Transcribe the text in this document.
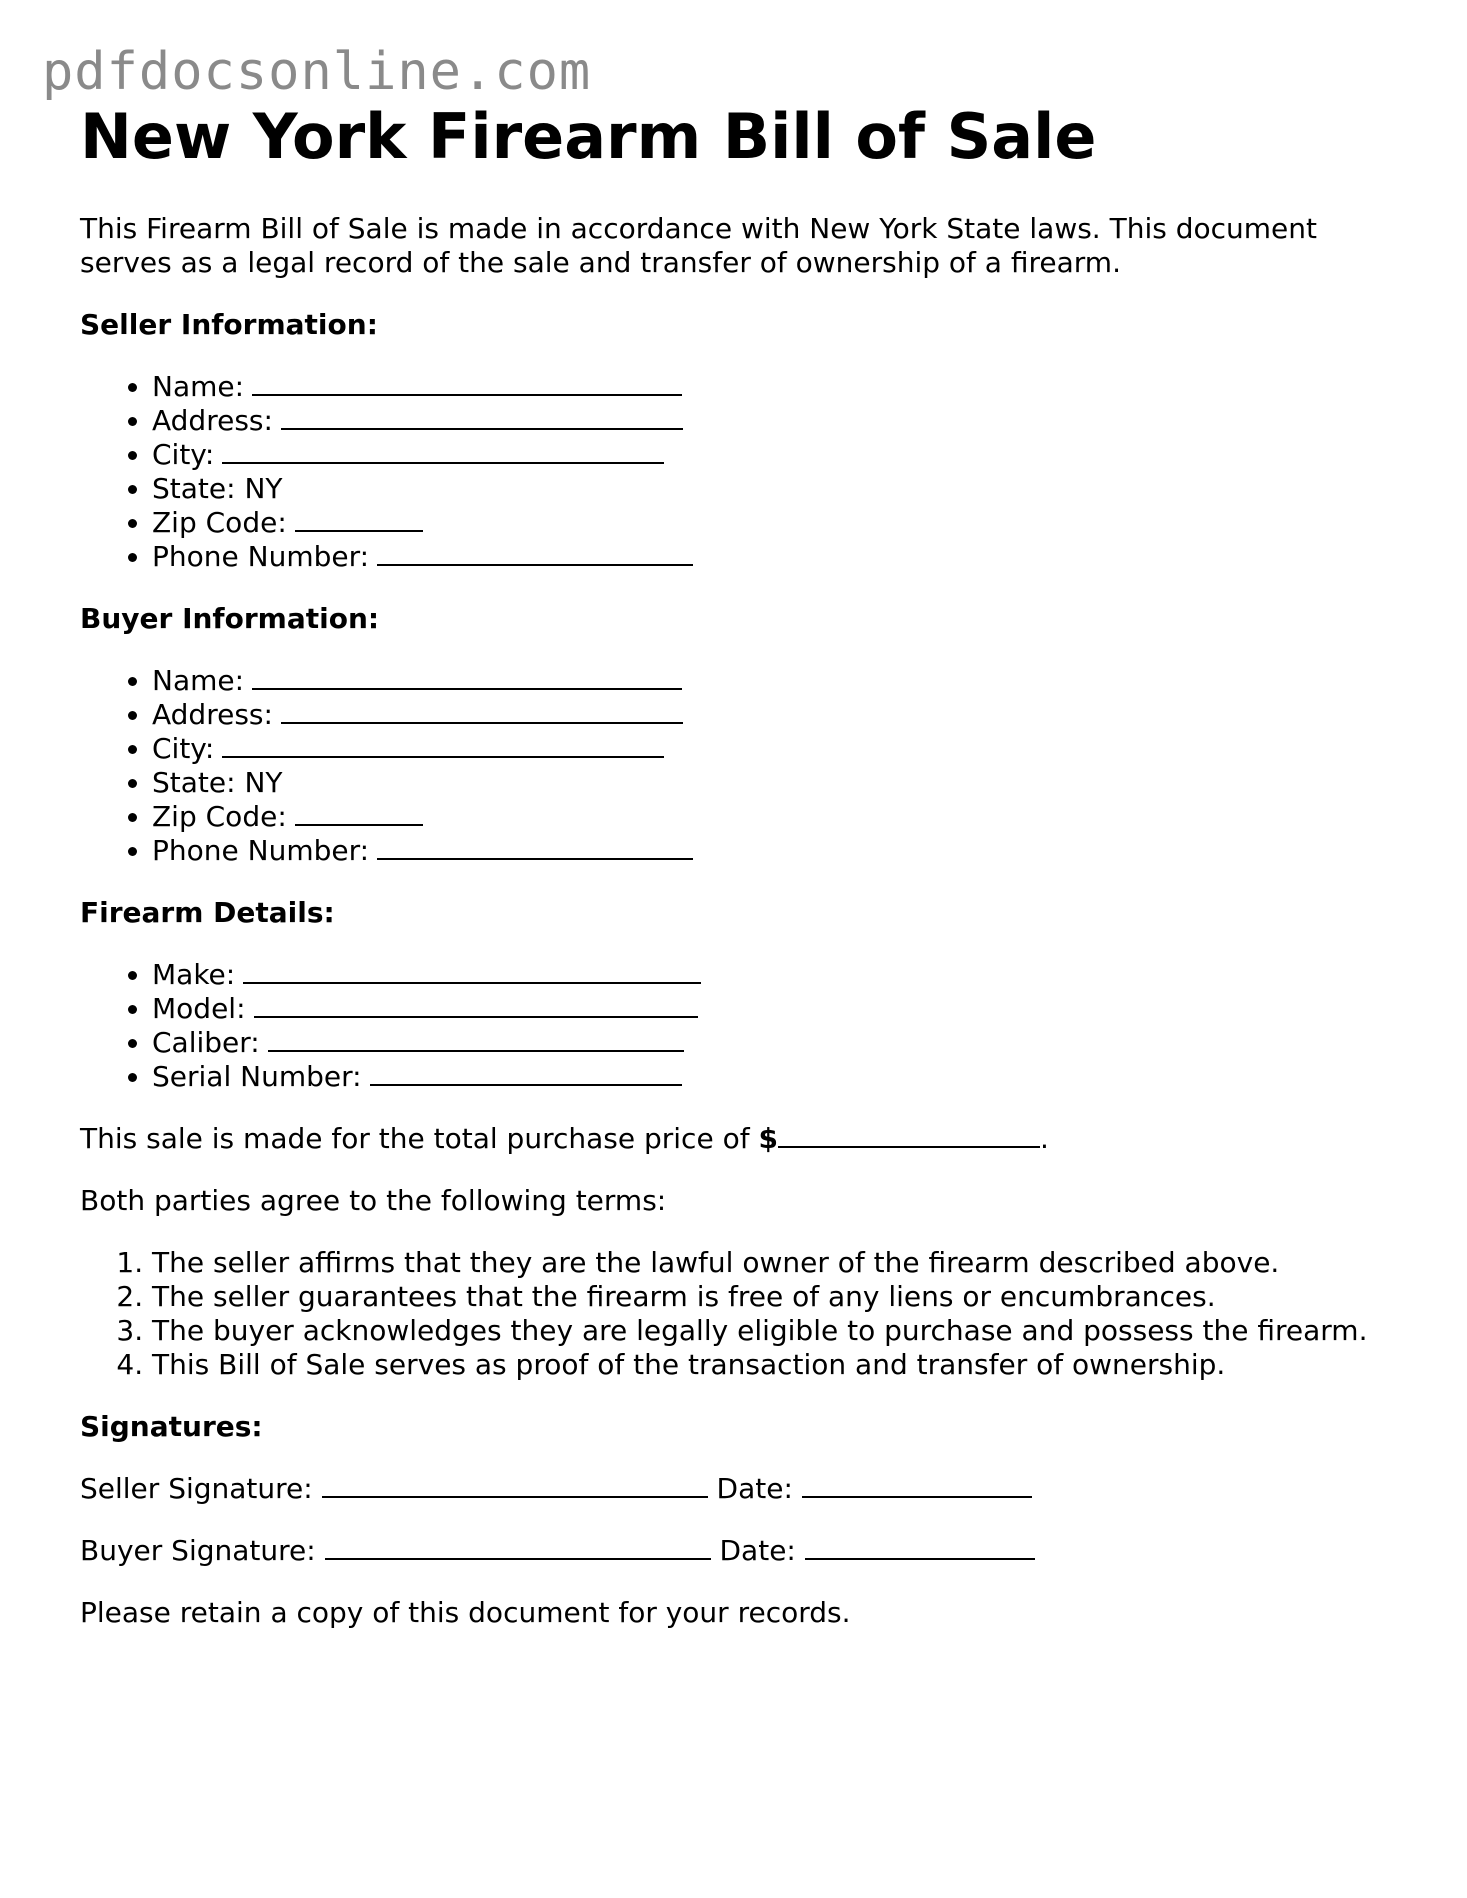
pdfdocsonline.com
New York Firearm Bill of Sale

This Firearm Bill of Sale is made in accordance with New York State laws. This document serves as a legal record of the sale and transfer of ownership of a firearm.

Seller Information:
• Name:
• Address:
• City:
• State: NY
• Zip Code:
• Phone Number:
Buyer Information:
• Name:
• Address:
• City:
• State: NY
• Zip Code:
• Phone Number:
Firearm Details:
• Make:
• Model:
• Caliber:
• Serial Number:

This sale is made for the total purchase price of $	.

Both parties agree to the following terms:

1. The seller affirms that they are the lawful owner of the firearm described above.
2. The seller guarantees that the firearm is free of any liens or encumbrances.
3. The buyer acknowledges they are legally eligible to purchase and possess the firearm.
4. This Bill of Sale serves as proof of the transaction and transfer of ownership.
Signatures:

Seller Signature:	Date:

Buyer Signature:	Date:

Please retain a copy of this document for your records.
